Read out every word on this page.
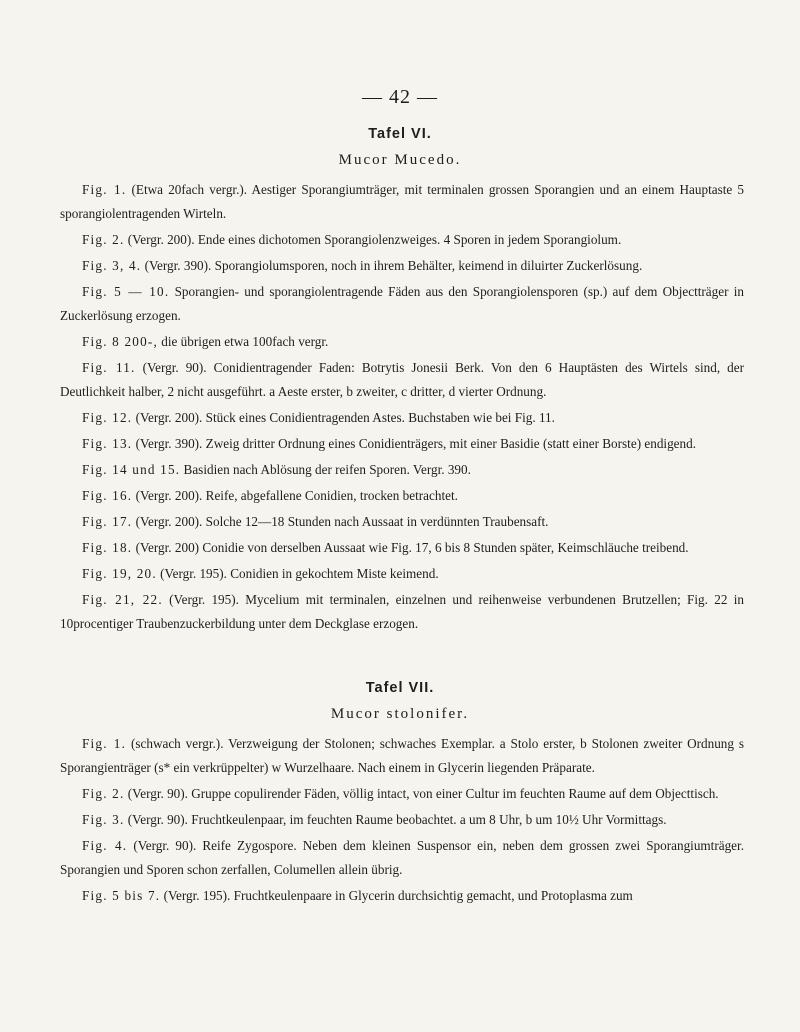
— 42 —
Tafel VI.
Mucor Mucedo.

Fig. 1. (Etwa 20fach vergr.). Aestiger Sporangiumträger, mit terminalen grossen Sporangien und an einem Hauptaste 5 sporangiolentragenden Wirteln.

Fig. 2. (Vergr. 200). Ende eines dichotomen Sporangiolenzweiges. 4 Sporen in jedem Sporangiolum.

Fig. 3, 4. (Vergr. 390). Sporangiolumsporen, noch in ihrem Behälter, keimend in diluirter Zuckerlösung.

Fig. 5 — 10. Sporangien- und sporangiolentragende Fäden aus den Sporangiolensporen (sp.) auf dem Objectträger in Zuckerlösung erzogen.

Fig. 8 200-, die übrigen etwa 100fach vergr.

Fig. 11. (Vergr. 90). Conidientragender Faden: Botrytis Jonesii Berk. Von den 6 Hauptästen des Wirtels sind, der Deutlichkeit halber, 2 nicht ausgeführt. a Aeste erster, b zweiter, c dritter, d vierter Ordnung.

Fig. 12. (Vergr. 200). Stück eines Conidientragenden Astes. Buchstaben wie bei Fig. 11.

Fig. 13. (Vergr. 390). Zweig dritter Ordnung eines Conidienträgers, mit einer Basidie (statt einer Borste) endigend.

Fig. 14 und 15. Basidien nach Ablösung der reifen Sporen. Vergr. 390.

Fig. 16. (Vergr. 200). Reife, abgefallene Conidien, trocken betrachtet.

Fig. 17. (Vergr. 200). Solche 12—18 Stunden nach Aussaat in verdünnten Traubensaft.

Fig. 18. (Vergr. 200) Conidie von derselben Aussaat wie Fig. 17, 6 bis 8 Stunden später, Keimschläuche treibend.

Fig. 19, 20. (Vergr. 195). Conidien in gekochtem Miste keimend.

Fig. 21, 22. (Vergr. 195). Mycelium mit terminalen, einzelnen und reihenweise verbundenen Brutzellen; Fig. 22 in 10procentiger Traubenzuckerbildung unter dem Deckglase erzogen.

Tafel VII.
Mucor stolonifer.

Fig. 1. (schwach vergr.). Verzweigung der Stolonen; schwaches Exemplar. a Stolo erster, b Stolonen zweiter Ordnung s Sporangienträger (s* ein verkrüppelter) w Wurzelhaare. Nach einem in Glycerin liegenden Präparate.

Fig. 2. (Vergr. 90). Gruppe copulirender Fäden, völlig intact, von einer Cultur im feuchten Raume auf dem Objecttisch.

Fig. 3. (Vergr. 90). Fruchtkeulenpaar, im feuchten Raume beobachtet. a um 8 Uhr, b um 10½ Uhr Vormittags.

Fig. 4. (Vergr. 90). Reife Zygospore. Neben dem kleinen Suspensor ein, neben dem grossen zwei Sporangiumträger. Sporangien und Sporen schon zerfallen, Columellen allein übrig.

Fig. 5 bis 7. (Vergr. 195). Fruchtkeulenpaare in Glycerin durchsichtig gemacht, und Protoplasma zum
